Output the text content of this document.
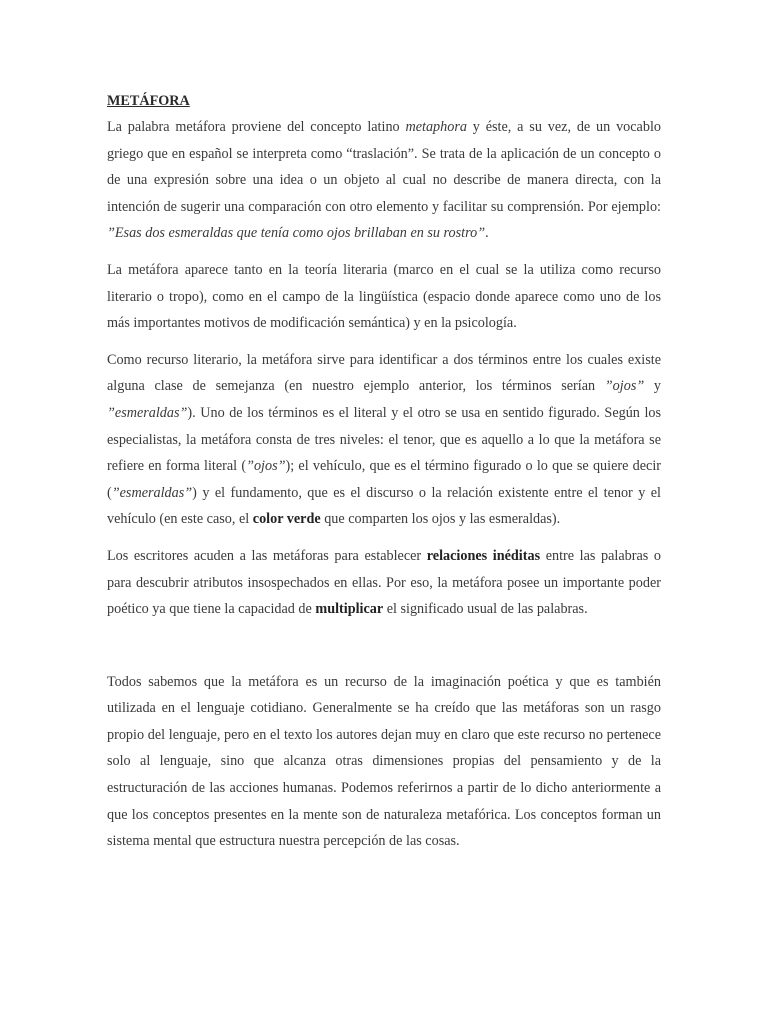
METÁFORA

La palabra metáfora proviene del concepto latino metaphora y éste, a su vez, de un vocablo griego que en español se interpreta como “traslación”. Se trata de la aplicación de un concepto o de una expresión sobre una idea o un objeto al cual no describe de manera directa, con la intención de sugerir una comparación con otro elemento y facilitar su comprensión. Por ejemplo: ”Esas dos esmeraldas que tenía como ojos brillaban en su rostro”.

La metáfora aparece tanto en la teoría literaria (marco en el cual se la utiliza como recurso literario o tropo), como en el campo de la lingüística (espacio donde aparece como uno de los más importantes motivos de modificación semántica) y en la psicología.

Como recurso literario, la metáfora sirve para identificar a dos términos entre los cuales existe alguna clase de semejanza (en nuestro ejemplo anterior, los términos serían ”ojos” y ”esmeraldas”). Uno de los términos es el literal y el otro se usa en sentido figurado. Según los especialistas, la metáfora consta de tres niveles: el tenor, que es aquello a lo que la metáfora se refiere en forma literal (”ojos”); el vehículo, que es el término figurado o lo que se quiere decir (”esmeraldas”) y el fundamento, que es el discurso o la relación existente entre el tenor y el vehículo (en este caso, el color verde que comparten los ojos y las esmeraldas).

Los escritores acuden a las metáforas para establecer relaciones inéditas entre las palabras o para descubrir atributos insospechados en ellas. Por eso, la metáfora posee un importante poder poético ya que tiene la capacidad de multiplicar el significado usual de las palabras.

Todos sabemos que la metáfora es un recurso de la imaginación poética y que es también utilizada en el lenguaje cotidiano. Generalmente se ha creído que las metáforas son un rasgo propio del lenguaje, pero en el texto los autores dejan muy en claro que este recurso no pertenece solo al lenguaje, sino que alcanza otras dimensiones propias del pensamiento y de la estructuración de las acciones humanas. Podemos referirnos a partir de lo dicho anteriormente a que los conceptos presentes en la mente son de naturaleza metafórica. Los conceptos forman un sistema mental que estructura nuestra percepción de las cosas.
